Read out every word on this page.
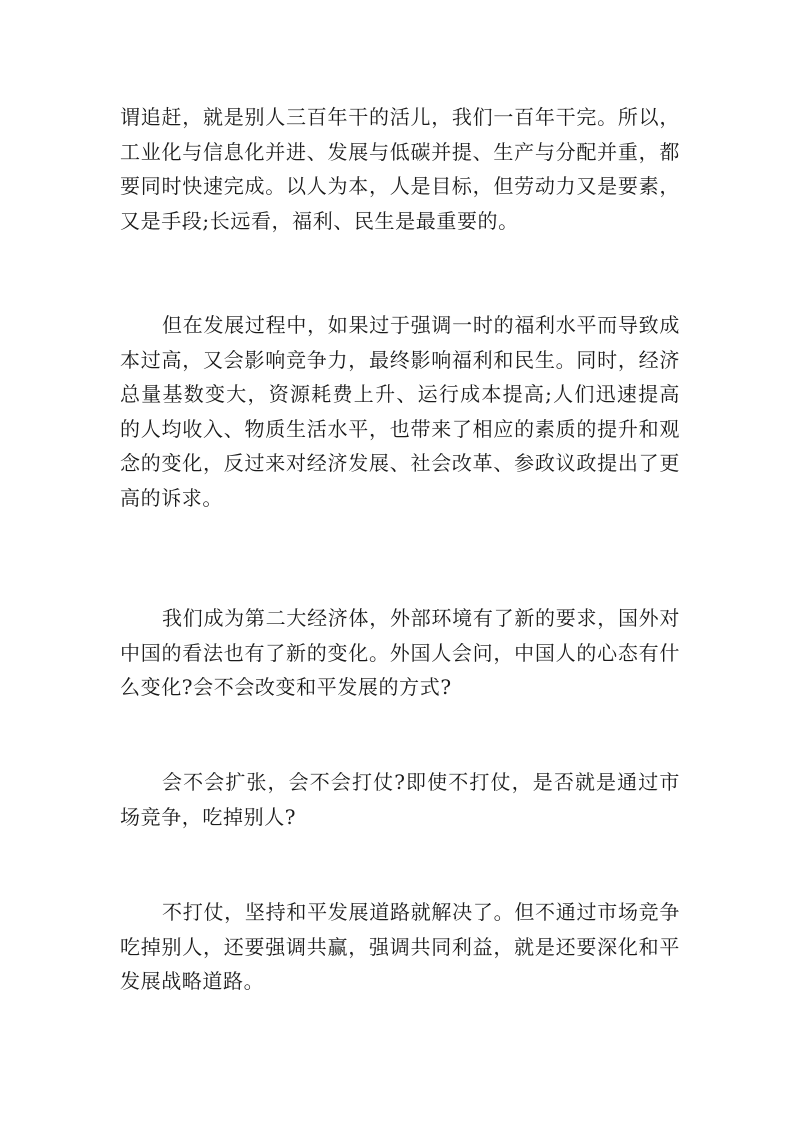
谓追赶，就是别人三百年干的活儿，我们一百年干完。所以，工业化与信息化并进、发展与低碳并提、生产与分配并重，都要同时快速完成。以人为本，人是目标，但劳动力又是要素，又是手段;长远看，福利、民生是最重要的。

但在发展过程中，如果过于强调一时的福利水平而导致成本过高，又会影响竞争力，最终影响福利和民生。同时，经济总量基数变大，资源耗费上升、运行成本提高;人们迅速提高的人均收入、物质生活水平，也带来了相应的素质的提升和观念的变化，反过来对经济发展、社会改革、参政议政提出了更高的诉求。

我们成为第二大经济体，外部环境有了新的要求，国外对中国的看法也有了新的变化。外国人会问，中国人的心态有什么变化?会不会改变和平发展的方式?

会不会扩张，会不会打仗?即使不打仗，是否就是通过市场竞争，吃掉别人?

不打仗，坚持和平发展道路就解决了。但不通过市场竞争吃掉别人，还要强调共赢，强调共同利益，就是还要深化和平发展战略道路。
